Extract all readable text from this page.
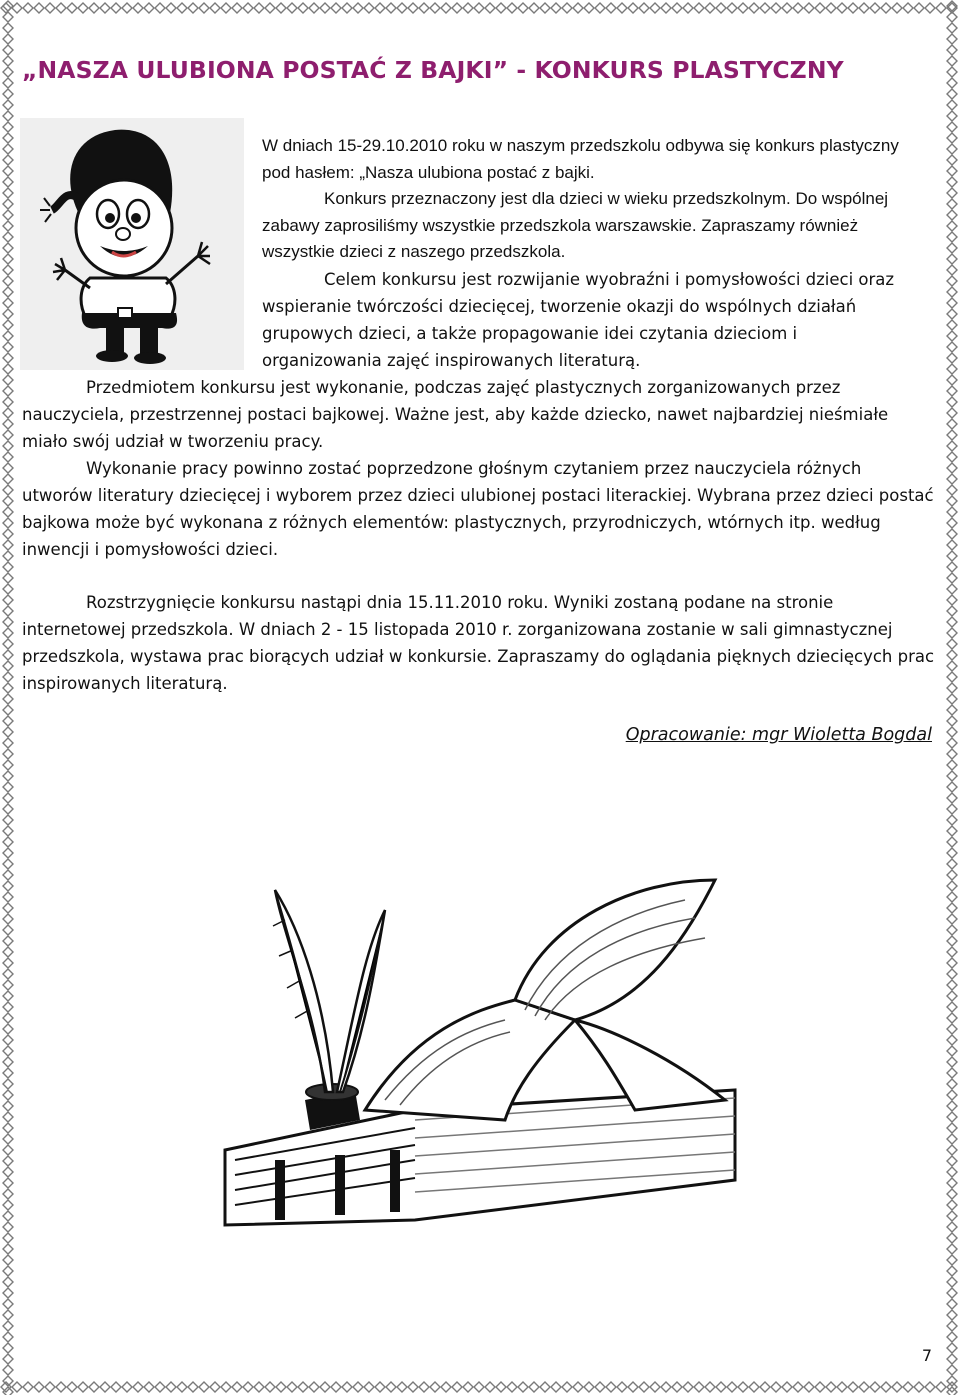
„NASZA ULUBIONA POSTAĆ Z BAJKI” - KONKURS PLASTYCZNY

W dniach 15-29.10.2010 roku w naszym przedszkolu odbywa się konkurs plastyczny pod hasłem: „Nasza ulubiona postać z bajki.

Konkurs przeznaczony jest dla dzieci w wieku przedszkolnym. Do wspólnej zabawy zaprosiliśmy wszystkie przedszkola warszawskie. Zapraszamy również wszystkie dzieci z naszego przedszkola.

Celem konkursu jest rozwijanie wyobraźni i pomysłowości dzieci oraz wspieranie twórczości dziecięcej, tworzenie okazji do wspólnych działań grupowych dzieci, a także propagowanie idei czytania dzieciom i organizowania zajęć inspirowanych literaturą.

Przedmiotem konkursu jest wykonanie, podczas zajęć plastycznych zorganizowanych przez nauczyciela, przestrzennej postaci bajkowej. Ważne jest, aby każde dziecko, nawet najbardziej nieśmiałe miało swój udział w tworzeniu pracy.

Wykonanie pracy powinno zostać poprzedzone głośnym czytaniem przez nauczyciela różnych utworów literatury dziecięcej i wyborem przez dzieci ulubionej postaci literackiej. Wybrana przez dzieci postać bajkowa może być wykonana z różnych elementów: plastycznych, przyrodniczych, wtórnych itp. według inwencji i pomysłowości dzieci.

Rozstrzygnięcie konkursu nastąpi dnia 15.11.2010 roku. Wyniki zostaną podane na stronie internetowej przedszkola. W dniach 2 - 15 listopada 2010 r. zorganizowana zostanie w sali gimnastycznej przedszkola, wystawa prac biorących udział w konkursie. Zapraszamy do oglądania pięknych dziecięcych prac inspirowanych literaturą.

Opracowanie: mgr Wioletta Bogdal
7
